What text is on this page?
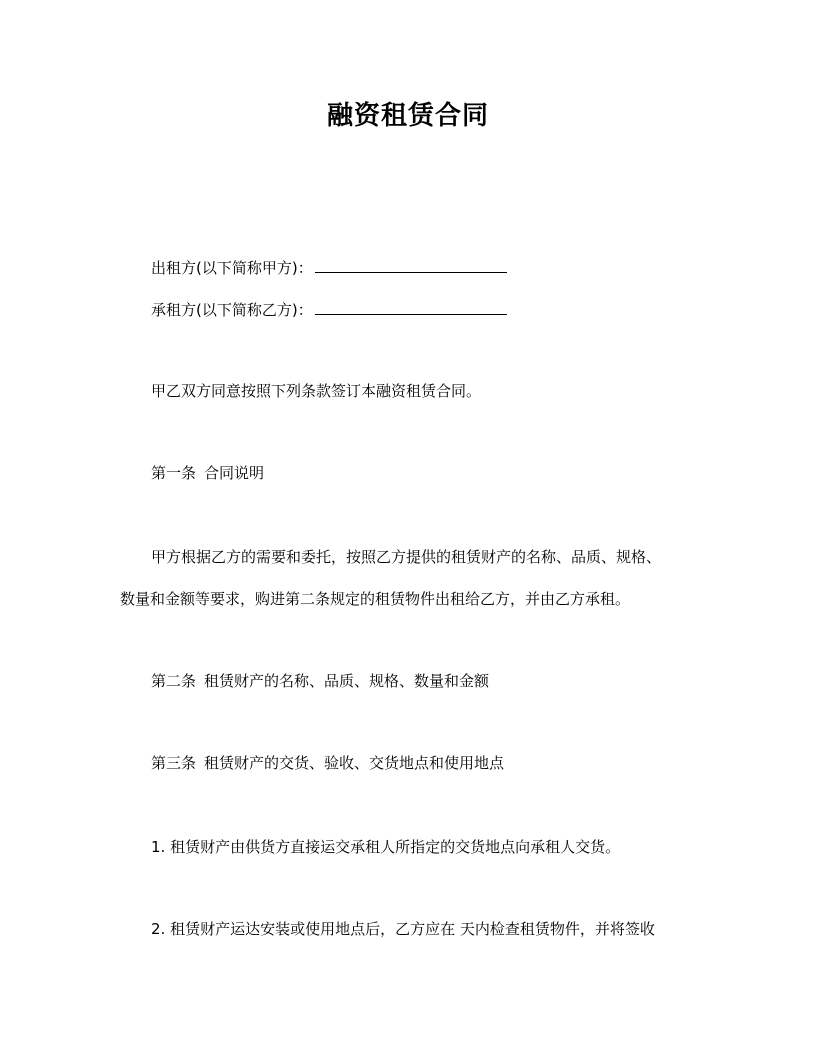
融资租赁合同
出租方(以下简称甲方)：
承租方(以下简称乙方)：
甲乙双方同意按照下列条款签订本融资租赁合同。
第一条 合同说明
甲方根据乙方的需要和委托，按照乙方提供的租赁财产的名称、品质、规格、
数量和金额等要求，购进第二条规定的租赁物件出租给乙方，并由乙方承租。
第二条 租赁财产的名称、品质、规格、数量和金额
第三条 租赁财产的交货、验收、交货地点和使用地点
1. 租赁财产由供货方直接运交承租人所指定的交货地点向承租人交货。
2. 租赁财产运达安装或使用地点后，乙方应在 天内检查租赁物件，并将签收
